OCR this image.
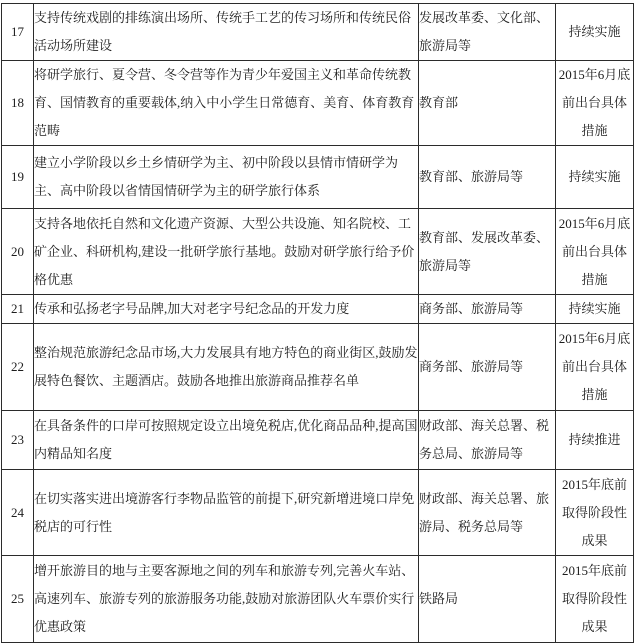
17	支持传统戏剧的排练演出场所、传统手工艺的传习场所和传统民俗活动场所建设	发展改革委、文化部、旅游局等	持续实施
18	将研学旅行、夏令营、冬令营等作为青少年爱国主义和革命传统教育、国情教育的重要载体,纳入中小学生日常德育、美育、体育教育范畴	教育部	2015年6月底前出台具体措施
19	建立小学阶段以乡土乡情研学为主、初中阶段以县情市情研学为主、高中阶段以省情国情研学为主的研学旅行体系	教育部、旅游局等	持续实施
20	支持各地依托自然和文化遗产资源、大型公共设施、知名院校、工矿企业、科研机构,建设一批研学旅行基地。鼓励对研学旅行给予价格优惠	教育部、发展改革委、旅游局等	2015年6月底前出台具体措施
21	传承和弘扬老字号品牌,加大对老字号纪念品的开发力度	商务部、旅游局等	持续实施
22	整治规范旅游纪念品市场,大力发展具有地方特色的商业街区,鼓励发展特色餐饮、主题酒店。鼓励各地推出旅游商品推荐名单	商务部、旅游局等	2015年6月底前出台具体措施
23	在具备条件的口岸可按照规定设立出境免税店,优化商品品种,提高国内精品知名度	财政部、海关总署、税务总局、旅游局等	持续推进
24	在切实落实进出境游客行李物品监管的前提下,研究新增进境口岸免税店的可行性	财政部、海关总署、旅游局、税务总局等	2015年底前取得阶段性成果
25	增开旅游目的地与主要客源地之间的列车和旅游专列,完善火车站、高速列车、旅游专列的旅游服务功能,鼓励对旅游团队火车票价实行优惠政策	铁路局	2015年底前取得阶段性成果
